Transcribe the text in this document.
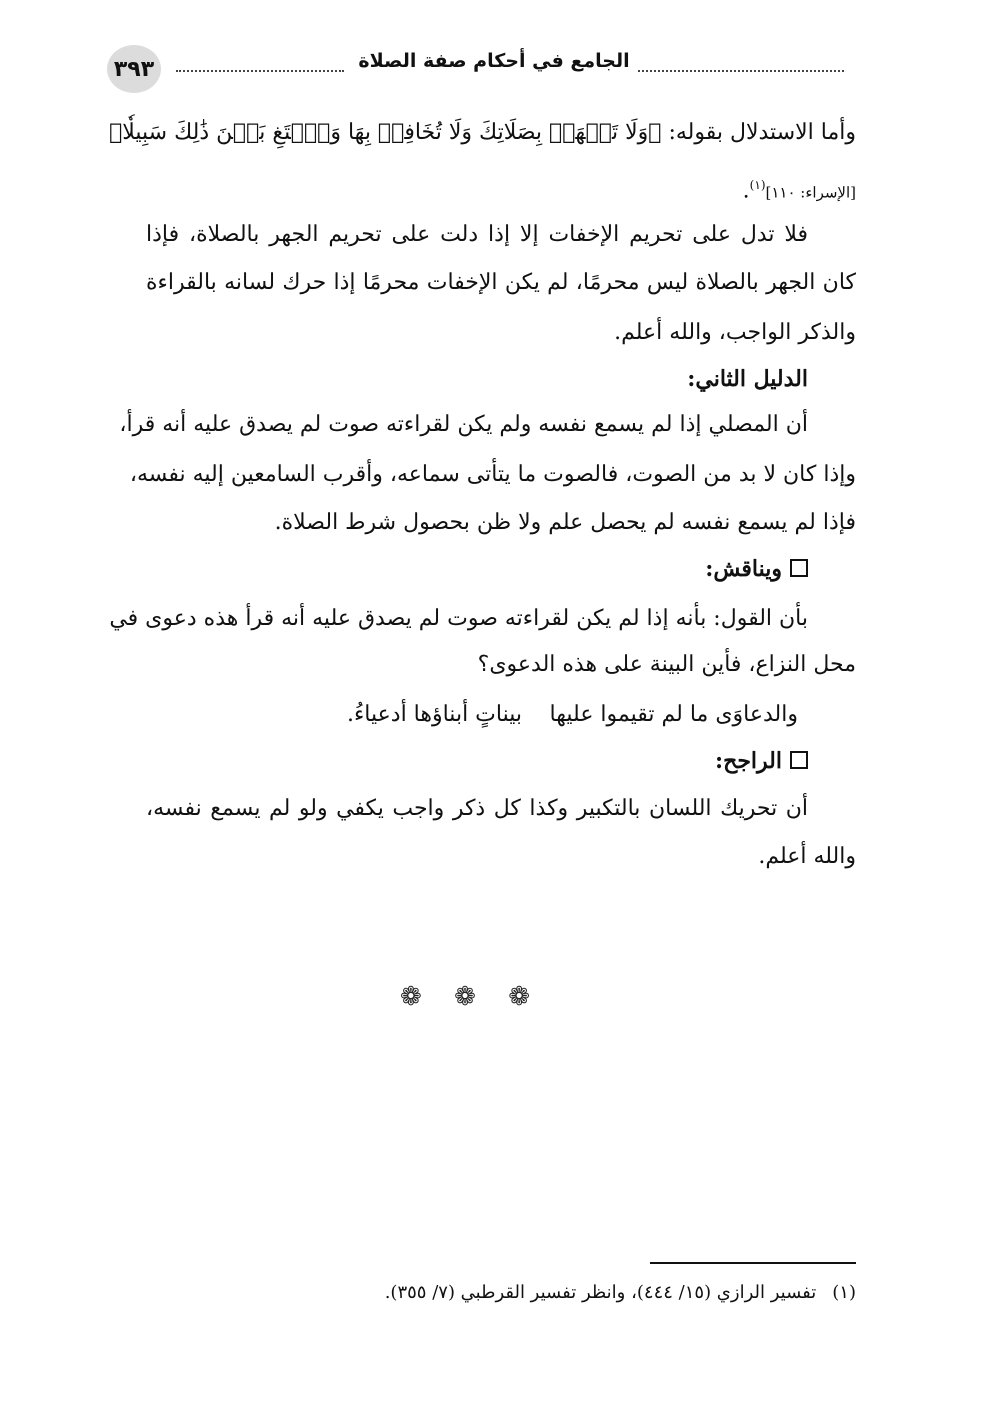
٣٩٣	الجامع في أحكام صفة الصلاة
وأما الاستدلال بقوله: ﴿وَلَا تَجۡهَرۡ بِصَلَاتِكَ وَلَا تُخَافِتۡ بِهَا وَٱبۡتَغِ بَيۡنَ ذَٰلِكَ سَبِيلٗا﴾
[الإسراء: ١١٠]$^{(١)}$.
فلا تدل على تحريم الإخفات إلا إذا دلت على تحريم الجهر بالصلاة، فإذا
كان الجهر بالصلاة ليس محرمًا، لم يكن الإخفات محرمًا إذا حرك لسانه بالقراءة
والذكر الواجب، والله أعلم.
الدليل الثاني:
أن المصلي إذا لم يسمع نفسه ولم يكن لقراءته صوت لم يصدق عليه أنه قرأ،
وإذا كان لا بد من الصوت، فالصوت ما يتأتى سماعه، وأقرب السامعين إليه نفسه،
فإذا لم يسمع نفسه لم يحصل علم ولا ظن بحصول شرط الصلاة.
ويناقش:
بأن القول: بأنه إذا لم يكن لقراءته صوت لم يصدق عليه أنه قرأ هذه دعوى في
محل النزاع، فأين البينة على هذه الدعوى؟
والدعاوَى ما لم تقيموا عليها
بيناتٍ أبناؤها أدعياءُ.
الراجح:
أن تحريك اللسان بالتكبير وكذا كل ذكر واجب يكفي ولو لم يسمع نفسه،
والله أعلم.
❁ ❁ ❁
(١)تفسير الرازي (١٥/ ٤٤٤)، وانظر تفسير القرطبي (٧/ ٣٥٥).
